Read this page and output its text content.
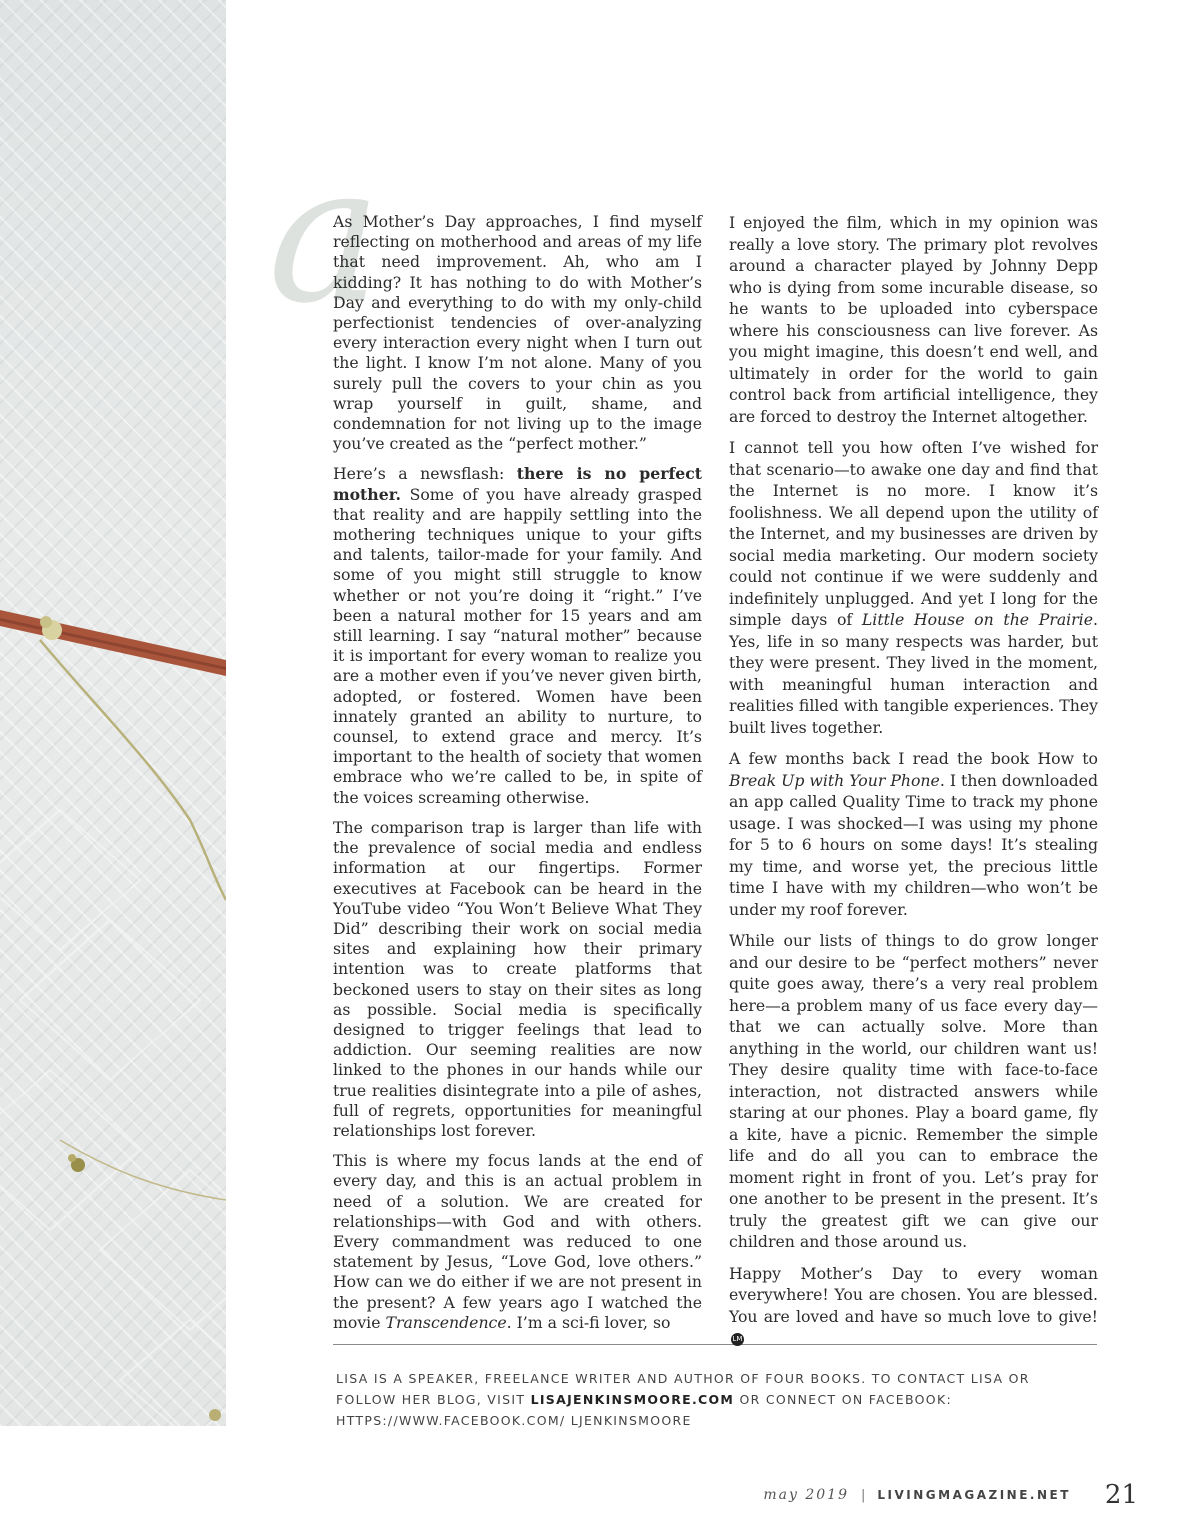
a

As Mother’s Day approaches, I find myself reflecting on motherhood and areas of my life that need improvement. Ah, who am I kidding? It has nothing to do with Mother’s Day and everything to do with my only-child perfectionist tendencies of over-analyzing every interaction every night when I turn out the light. I know I’m not alone. Many of you surely pull the covers to your chin as you wrap yourself in guilt, shame, and condemnation for not living up to the image you’ve created as the “perfect mother.”

Here’s a newsflash: there is no perfect mother. Some of you have already grasped that reality and are happily settling into the mothering techniques unique to your gifts and talents, tailor-made for your family. And some of you might still struggle to know whether or not you’re doing it “right.” I’ve been a natural mother for 15 years and am still learning. I say “natural mother” because it is important for every woman to realize you are a mother even if you’ve never given birth, adopted, or fostered. Women have been innately granted an ability to nurture, to counsel, to extend grace and mercy. It’s important to the health of society that women embrace who we’re called to be, in spite of the voices screaming otherwise.

The comparison trap is larger than life with the prevalence of social media and endless information at our fingertips. Former executives at Facebook can be heard in the YouTube video “You Won’t Believe What They Did” describing their work on social media sites and explaining how their primary intention was to create platforms that beckoned users to stay on their sites as long as possible. Social media is specifically designed to trigger feelings that lead to addiction. Our seeming realities are now linked to the phones in our hands while our true realities disintegrate into a pile of ashes, full of regrets, opportunities for meaningful relationships lost forever.

This is where my focus lands at the end of every day, and this is an actual problem in need of a solution. We are created for relationships—with God and with others. Every commandment was reduced to one statement by Jesus, “Love God, love others.” How can we do either if we are not present in the present? A few years ago I watched the movie Transcendence. I’m a sci-fi lover, so

I enjoyed the film, which in my opinion was really a love story. The primary plot revolves around a character played by Johnny Depp who is dying from some incurable disease, so he wants to be uploaded into cyberspace where his consciousness can live forever. As you might imagine, this doesn’t end well, and ultimately in order for the world to gain control back from artificial intelligence, they are forced to destroy the Internet altogether.

I cannot tell you how often I’ve wished for that scenario—to awake one day and find that the Internet is no more. I know it’s foolishness. We all depend upon the utility of the Internet, and my businesses are driven by social media marketing. Our modern society could not continue if we were suddenly and indefinitely unplugged. And yet I long for the simple days of Little House on the Prairie. Yes, life in so many respects was harder, but they were present. They lived in the moment, with meaningful human interaction and realities filled with tangible experiences. They built lives together.

A few months back I read the book How to Break Up with Your Phone. I then downloaded an app called Quality Time to track my phone usage. I was shocked—I was using my phone for 5 to 6 hours on some days! It’s stealing my time, and worse yet, the precious little time I have with my children—who won’t be under my roof forever.

While our lists of things to do grow longer and our desire to be “perfect mothers” never quite goes away, there’s a very real problem here—a problem many of us face every day—that we can actually solve. More than anything in the world, our children want us! They desire quality time with face-to-face interaction, not distracted answers while staring at our phones. Play a board game, fly a kite, have a picnic. Remember the simple life and do all you can to embrace the moment right in front of you. Let’s pray for one another to be present in the present. It’s truly the greatest gift we can give our children and those around us.

Happy Mother’s Day to every woman everywhere! You are chosen. You are blessed. You are loved and have so much love to give!LM

LISA IS A SPEAKER, FREELANCE WRITER AND AUTHOR OF FOUR BOOKS. TO CONTACT LISA OR FOLLOW HER BLOG, VISIT LISAJENKINSMOORE.COM OR CONNECT ON FACEBOOK: HTTPS://WWW.FACEBOOK.COM/ LJENKINSMOORE
may 2019 | LIVINGMAGAZINE.NET 21
